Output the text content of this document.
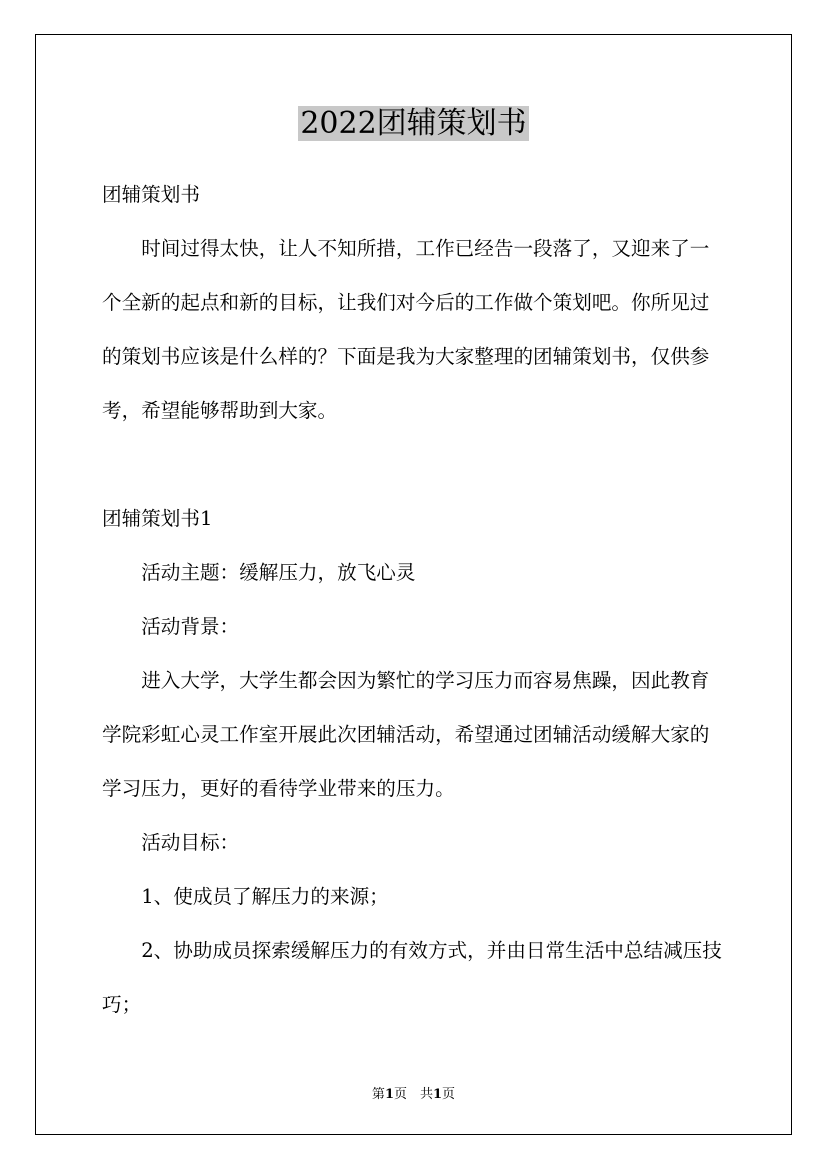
2022团辅策划书

团辅策划书

时间过得太快，让人不知所措，工作已经告一段落了，又迎来了一个全新的起点和新的目标，让我们对今后的工作做个策划吧。你所见过的策划书应该是什么样的？下面是我为大家整理的团辅策划书，仅供参考，希望能够帮助到大家。

团辅策划书1

活动主题：缓解压力，放飞心灵

活动背景：

进入大学，大学生都会因为繁忙的学习压力而容易焦躁，因此教育学院彩虹心灵工作室开展此次团辅活动，希望通过团辅活动缓解大家的学习压力，更好的看待学业带来的压力。

活动目标：

1、使成员了解压力的来源；

2、协助成员探索缓解压力的有效方式，并由日常生活中总结减压技巧；

第1页　共1页
